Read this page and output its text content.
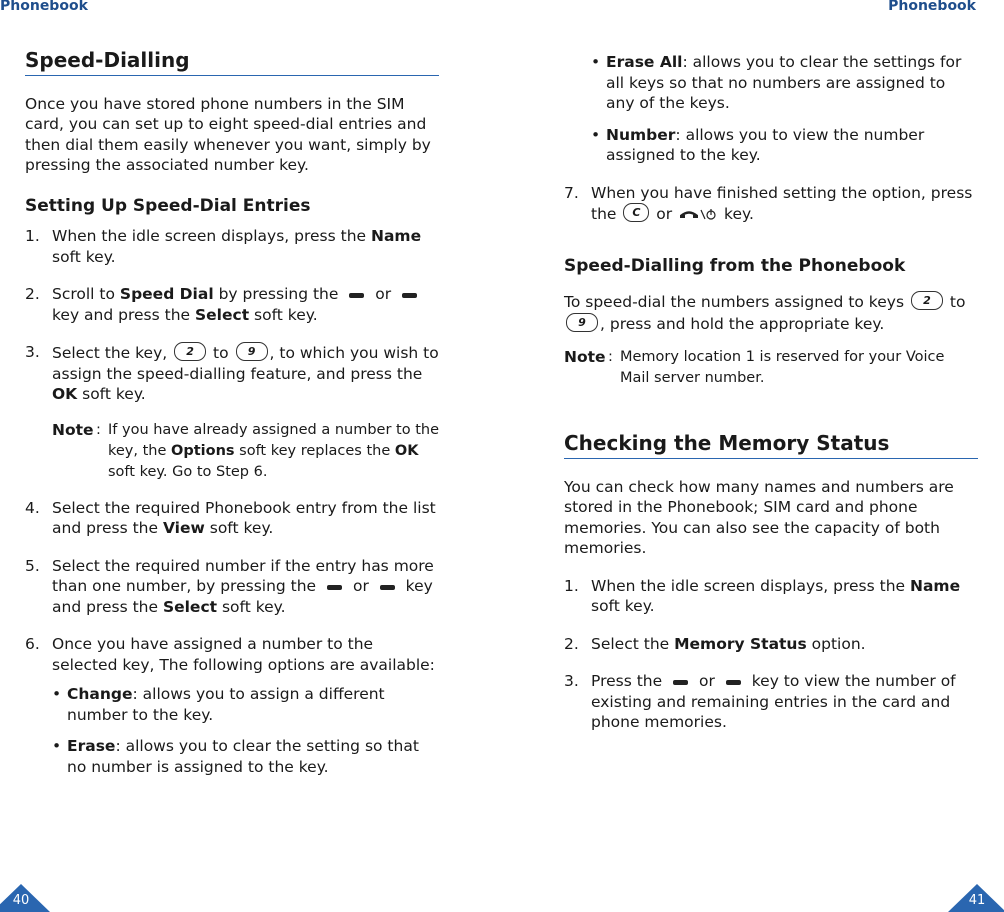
Phonebook	Phonebook
Speed-Dialling

Once you have stored phone numbers in the SIM card, you can set up to eight speed-dial entries and then dial them easily whenever you want, simply by pressing the associated number key.

Setting Up Speed-Dial Entries
1. When the idle screen displays, press the Name soft key.
2. Scroll to Speed Dial by pressing the  or  key and press the Select soft key.
3. Select the key,	2 to	9 , to which you wish to assign the speed-dialling feature, and press the OK soft key.
Note : If you have already assigned a number to the key, the Options soft key replaces the OK soft key. Go to Step 6.
4. Select the required Phonebook entry from the list and press the View soft key.
5. Select the required number if the entry has more than one number, by pressing the  or  key and press the Select soft key.
6. Once you have assigned a number to the selected key, The following options are available:
• Change: allows you to assign a different number to the key.
• Erase: allows you to clear the setting so that no number is assigned to the key.
• Erase All: allows you to clear the settings for all keys so that no numbers are assigned to any of the keys.
• Number: allows you to view the number assigned to the key.
7. When you have finished setting the option, press the C or	key.
Speed-Dialling from the Phonebook

To speed-dial the numbers assigned to keys	2 to
9 , press and hold the appropriate key.

Note : Memory location 1 is reserved for your Voice Mail server number.
Checking the Memory Status

You can check how many names and numbers are stored in the Phonebook; SIM card and phone memories. You can also see the capacity of both memories.

1. When the idle screen displays, press the Name soft key.
2. Select the Memory Status option.
3. Press the  or  key to view the number of existing and remaining entries in the card and phone memories.
40	41
